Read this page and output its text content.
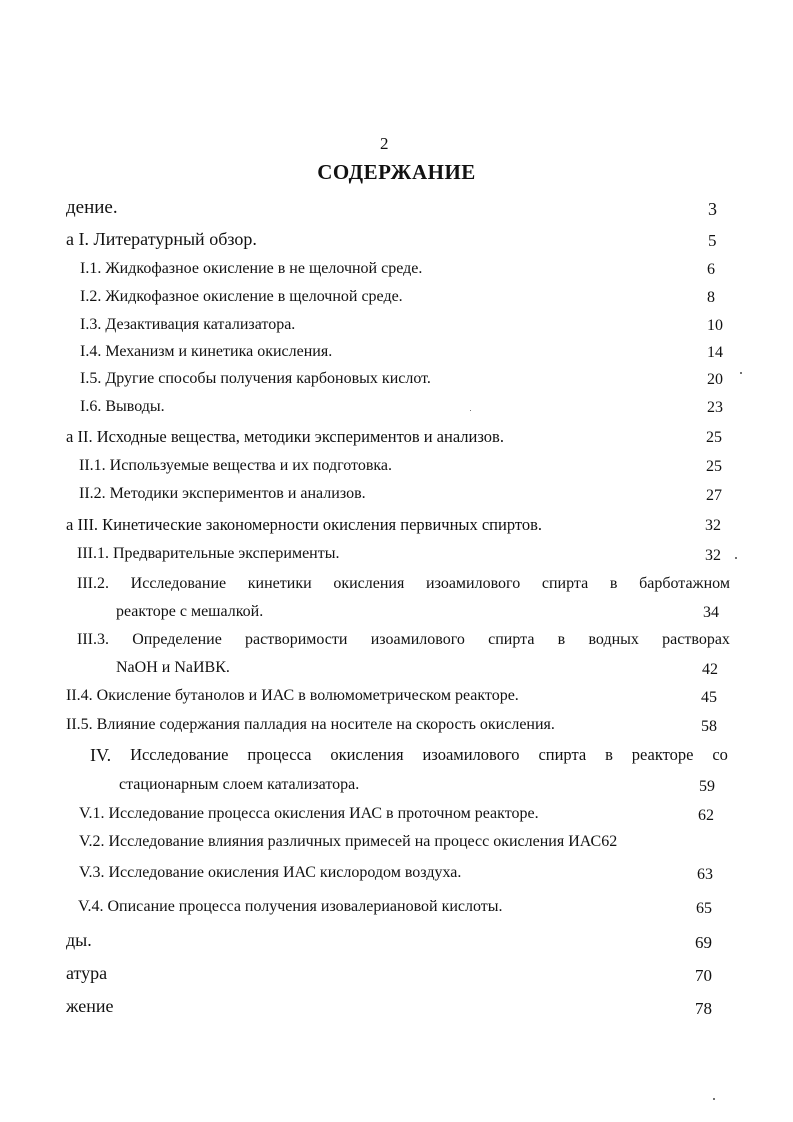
2
СОДЕРЖАНИЕ
дение.	3
а I. Литературный обзор.	5
I.1. Жидкофазное окисление в не щелочной среде.	6
I.2. Жидкофазное окисление в щелочной среде.	8
I.3. Дезактивация катализатора.	10
I.4. Механизм и кинетика окисления.	14
I.5. Другие способы получения карбоновых кислот.	20
I.6. Выводы.	23
а II. Исходные вещества, методики экспериментов и анализов.	25
II.1. Используемые вещества и их подготовка.	25
II.2. Методики экспериментов и анализов.	27
а III. Кинетические закономерности окисления первичных спиртов.	32
III.1. Предварительные эксперименты.	32
III.2. Исследование кинетики окисления изоамилового спирта в барботажном
реакторе с мешалкой.	34
III.3. Определение растворимости изоамилового спирта в водных растворах
NaOH и NaИВК.	42
II.4. Окисление бутанолов и ИАС в волюмометрическом реакторе.	45
II.5. Влияние содержания палладия на носителе на скорость окисления.	58
IV. Исследование процесса окисления изоамилового спирта в реакторе со
стационарным слоем катализатора.	59
V.1. Исследование процесса окисления ИАС в проточном реакторе.	62
V.2. Исследование влияния различных примесей на процесс окисления ИАС62
V.3. Исследование окисления ИАС кислородом воздуха.	63
V.4. Описание процесса получения изовалериановой кислоты.	65
ды.	69
атура	70
жение	78
